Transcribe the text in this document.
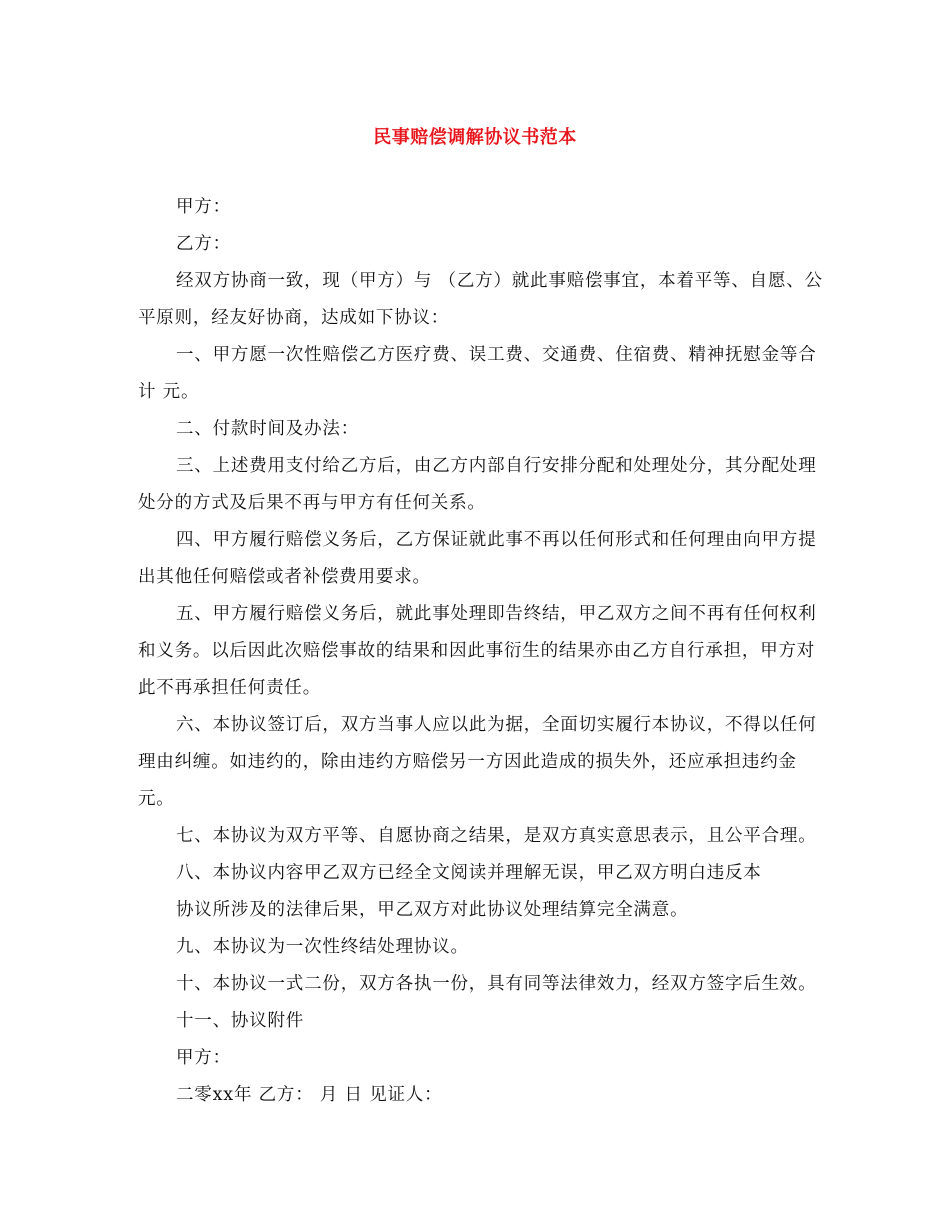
民事赔偿调解协议书范本

甲方：

乙方：

经双方协商一致，现（甲方）与 （乙方）就此事赔偿事宜，本着平等、自愿、公平原则，经友好协商，达成如下协议：

一、甲方愿一次性赔偿乙方医疗费、误工费、交通费、住宿费、精神抚慰金等合计 元。

二、付款时间及办法：

三、上述费用支付给乙方后，由乙方内部自行安排分配和处理处分，其分配处理处分的方式及后果不再与甲方有任何关系。

四、甲方履行赔偿义务后，乙方保证就此事不再以任何形式和任何理由向甲方提出其他任何赔偿或者补偿费用要求。

五、甲方履行赔偿义务后，就此事处理即告终结，甲乙双方之间不再有任何权利和义务。以后因此次赔偿事故的结果和因此事衍生的结果亦由乙方自行承担，甲方对此不再承担任何责任。

六、本协议签订后，双方当事人应以此为据，全面切实履行本协议，不得以任何理由纠缠。如违约的，除由违约方赔偿另一方因此造成的损失外，还应承担违约金 元。

七、本协议为双方平等、自愿协商之结果，是双方真实意思表示，且公平合理。

八、本协议内容甲乙双方已经全文阅读并理解无误，甲乙双方明白违反本

协议所涉及的法律后果，甲乙双方对此协议处理结算完全满意。

九、本协议为一次性终结处理协议。

十、本协议一式二份，双方各执一份，具有同等法律效力，经双方签字后生效。

十一、协议附件

甲方：

二零xx年 乙方： 月 日 见证人：
